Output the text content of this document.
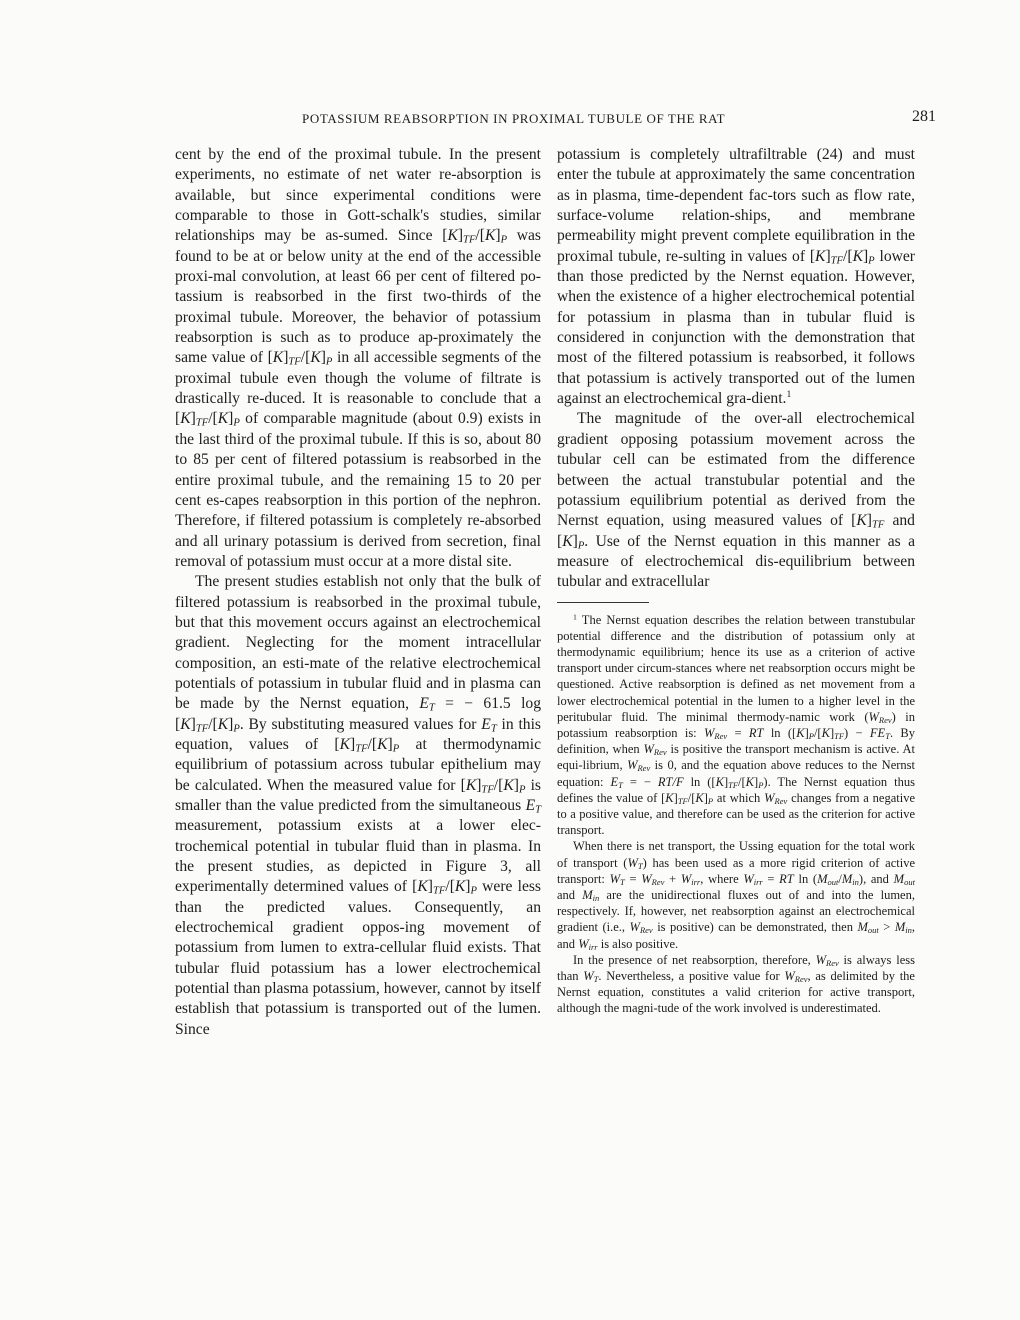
POTASSIUM REABSORPTION IN PROXIMAL TUBULE OF THE RAT	281

cent by the end of the proximal tubule. In the present experiments, no estimate of net water re-absorption is available, but since experimental conditions were comparable to those in Gott-schalk's studies, similar relationships may be as-sumed. Since $[K]_{TF}/[K]_P$ was found to be at or below unity at the end of the accessible proxi-mal convolution, at least 66 per cent of filtered po-tassium is reabsorbed in the first two-thirds of the proximal tubule. Moreover, the behavior of potassium reabsorption is such as to produce ap-proximately the same value of $[K]_{TF}/[K]_P$ in all accessible segments of the proximal tubule even though the volume of filtrate is drastically re-duced. It is reasonable to conclude that a $[K]_{TF}/[K]_P$ of comparable magnitude (about 0.9) exists in the last third of the proximal tubule. If this is so, about 80 to 85 per cent of filtered potassium is reabsorbed in the entire proximal tubule, and the remaining 15 to 20 per cent es-capes reabsorption in this portion of the nephron. Therefore, if filtered potassium is completely re-absorbed and all urinary potassium is derived from secretion, final removal of potassium must occur at a more distal site.

The present studies establish not only that the bulk of filtered potassium is reabsorbed in the proximal tubule, but that this movement occurs against an electrochemical gradient. Neglecting for the moment intracellular composition, an esti-mate of the relative electrochemical potentials of potassium in tubular fluid and in plasma can be made by the Nernst equation, $E_T$ = − 61.5 $\log [K]_{TF}/[K]_P$. By substituting measured values for $E_T$ in this equation, values of $[K]_{TF}/[K]_P$ at thermodynamic equilibrium of potassium across tubular epithelium may be calculated. When the measured value for $[K]_{TF}/[K]_P$ is smaller than the value predicted from the simultaneous $E_T$ measurement, potassium exists at a lower elec-trochemical potential in tubular fluid than in plasma. In the present studies, as depicted in Figure 3, all experimentally determined values of $[K]_{TF}/[K]_P$ were less than the predicted values. Consequently, an electrochemical gradient oppos-ing movement of potassium from lumen to extra-cellular fluid exists. That tubular fluid potassium has a lower electrochemical potential than plasma potassium, however, cannot by itself establish that potassium is transported out of the lumen. Since

potassium is completely ultrafiltrable (24) and must enter the tubule at approximately the same concentration as in plasma, time-dependent fac-tors such as flow rate, surface-volume relation-ships, and membrane permeability might prevent complete equilibration in the proximal tubule, re-sulting in values of $[K]_{TF}/[K]_P$ lower than those predicted by the Nernst equation. However, when the existence of a higher electrochemical potential for potassium in plasma than in tubular fluid is considered in conjunction with the demonstration that most of the filtered potassium is reabsorbed, it follows that potassium is actively transported out of the lumen against an electrochemical gra-dient.$^1$

The magnitude of the over-all electrochemical gradient opposing potassium movement across the tubular cell can be estimated from the difference between the actual transtubular potential and the potassium equilibrium potential as derived from the Nernst equation, using measured values of $[K]_{TF}$ and $[K]_P$. Use of the Nernst equation in this manner as a measure of electrochemical dis-equilibrium between tubular and extracellular

$^1$ The Nernst equation describes the relation between transtubular potential difference and the distribution of potassium only at thermodynamic equilibrium; hence its use as a criterion of active transport under circum-stances where net reabsorption occurs might be questioned. Active reabsorption is defined as net movement from a lower electrochemical potential in the lumen to a higher level in the peritubular fluid. The minimal thermody-namic work $(W_{Rev})$ in potassium reabsorption is: $W_{Rev}$ = RT $\ln ([K]_P/[K]_{TF}) - FE_T$. By definition, when $W_{Rev}$ is positive the transport mechanism is active. At equi-librium, $W_{Rev}$ is 0, and the equation above reduces to the Nernst equation: $E_T$ = − RT/F $\ln ([K]_{TF}/[K]_P)$. The Nernst equation thus defines the value of $[K]_{TF}/[K]_P$ at which $W_{Rev}$ changes from a negative to a positive value, and therefore can be used as the criterion for active transport.

When there is net transport, the Ussing equation for the total work of transport $(W_T)$ has been used as a more rigid criterion of active transport: $W_T = W_{Rev} + W_{irr}$, where $W_{irr}$ = RT $\ln (M_{out}/M_{in})$, and $M_{out}$ and $M_{in}$ are the unidirectional fluxes out of and into the lumen, respectively. If, however, net reabsorption against an electrochemical gradient (i.e., $W_{Rev}$ is positive) can be demonstrated, then $M_{out} > M_{in}$, and $W_{irr}$ is also positive.

In the presence of net reabsorption, therefore, $W_{Rev}$ is always less than $W_T$. Nevertheless, a positive value for $W_{Rev}$, as delimited by the Nernst equation, constitutes a valid criterion for active transport, although the magni-tude of the work involved is underestimated.
